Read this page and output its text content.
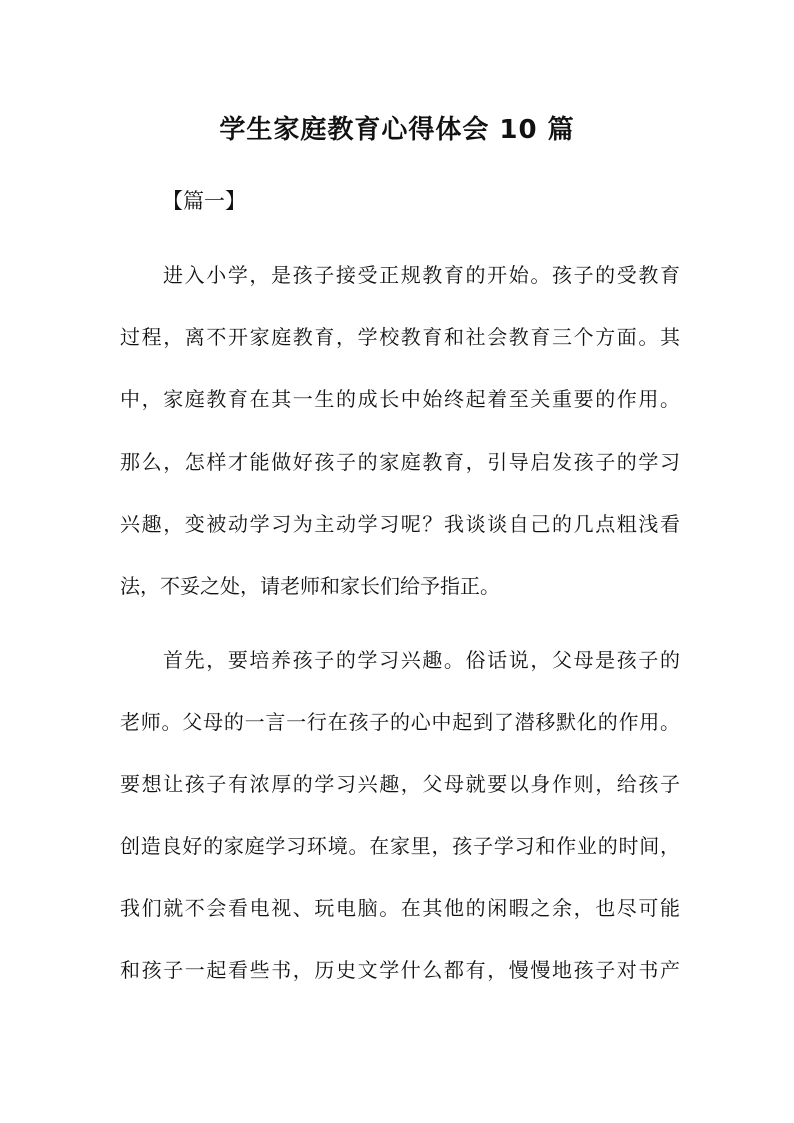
学生家庭教育心得体会 10 篇

【篇一】

进入小学，是孩子接受正规教育的开始。孩子的受教育

过程，离不开家庭教育，学校教育和社会教育三个方面。其

中，家庭教育在其一生的成长中始终起着至关重要的作用。

那么，怎样才能做好孩子的家庭教育，引导启发孩子的学习

兴趣，变被动学习为主动学习呢？我谈谈自己的几点粗浅看

法，不妥之处，请老师和家长们给予指正。

首先，要培养孩子的学习兴趣。俗话说，父母是孩子的

老师。父母的一言一行在孩子的心中起到了潜移默化的作用。

要想让孩子有浓厚的学习兴趣，父母就要以身作则，给孩子

创造良好的家庭学习环境。在家里，孩子学习和作业的时间，

我们就不会看电视、玩电脑。在其他的闲暇之余，也尽可能

和孩子一起看些书，历史文学什么都有，慢慢地孩子对书产
